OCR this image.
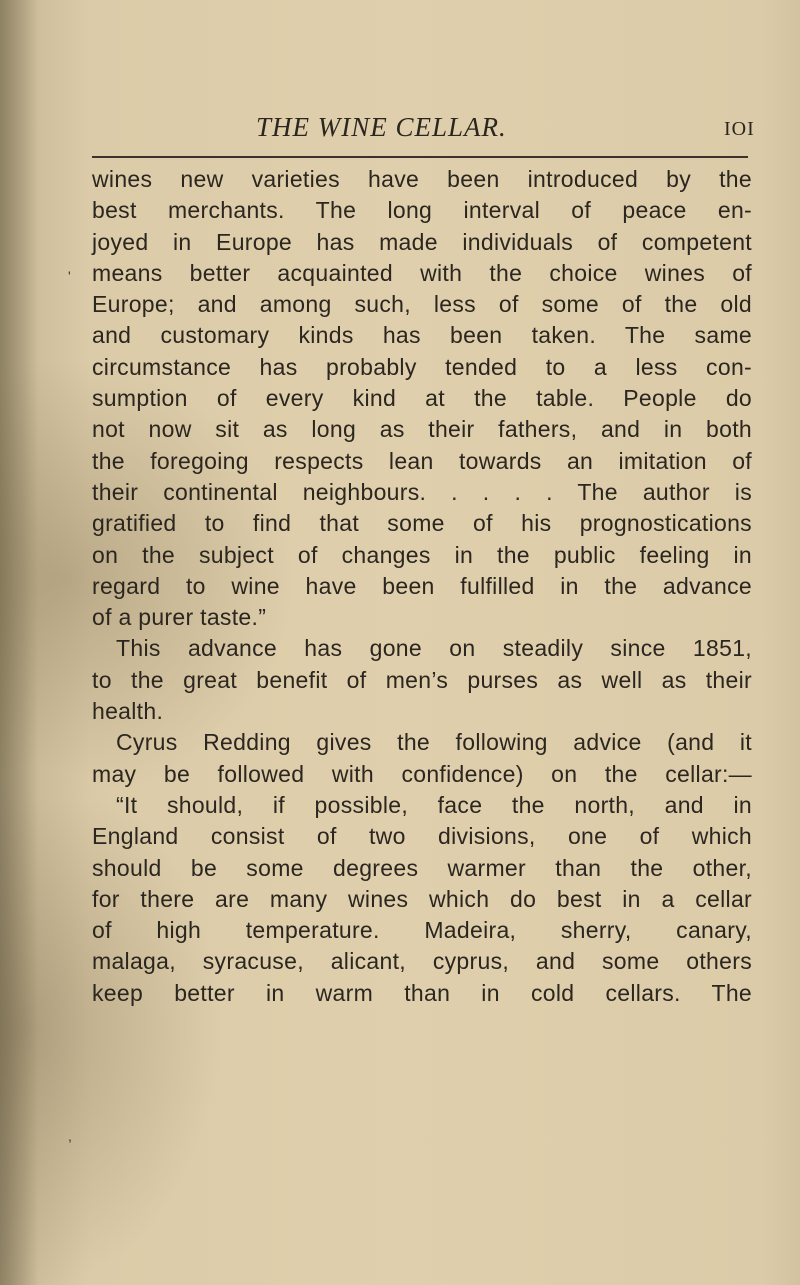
THE WINE CELLAR.	IOI
wines new varieties have been introduced by the
best merchants. The long interval of peace en-
joyed in Europe has made individuals of competent
means better acquainted with the choice wines of
Europe; and among such, less of some of the old
and customary kinds has been taken. The same
circumstance has probably tended to a less con-
sumption of every kind at the table. People do
not now sit as long as their fathers, and in both
the foregoing respects lean towards an imitation of
their continental neighbours. . . . . The author is
gratified to find that some of his prognostications
on the subject of changes in the public feeling in
regard to wine have been fulfilled in the advance
of a purer taste.”
This advance has gone on steadily since 1851,
to the great benefit of men’s purses as well as their
health.
Cyrus Redding gives the following advice (and it
may be followed with confidence) on the cellar:—
“It should, if possible, face the north, and in
England consist of two divisions, one of which
should be some degrees warmer than the other,
for there are many wines which do best in a cellar
of high temperature. Madeira, sherry, canary,
malaga, syracuse, alicant, cyprus, and some others
keep better in warm than in cold cellars. The
'
,
